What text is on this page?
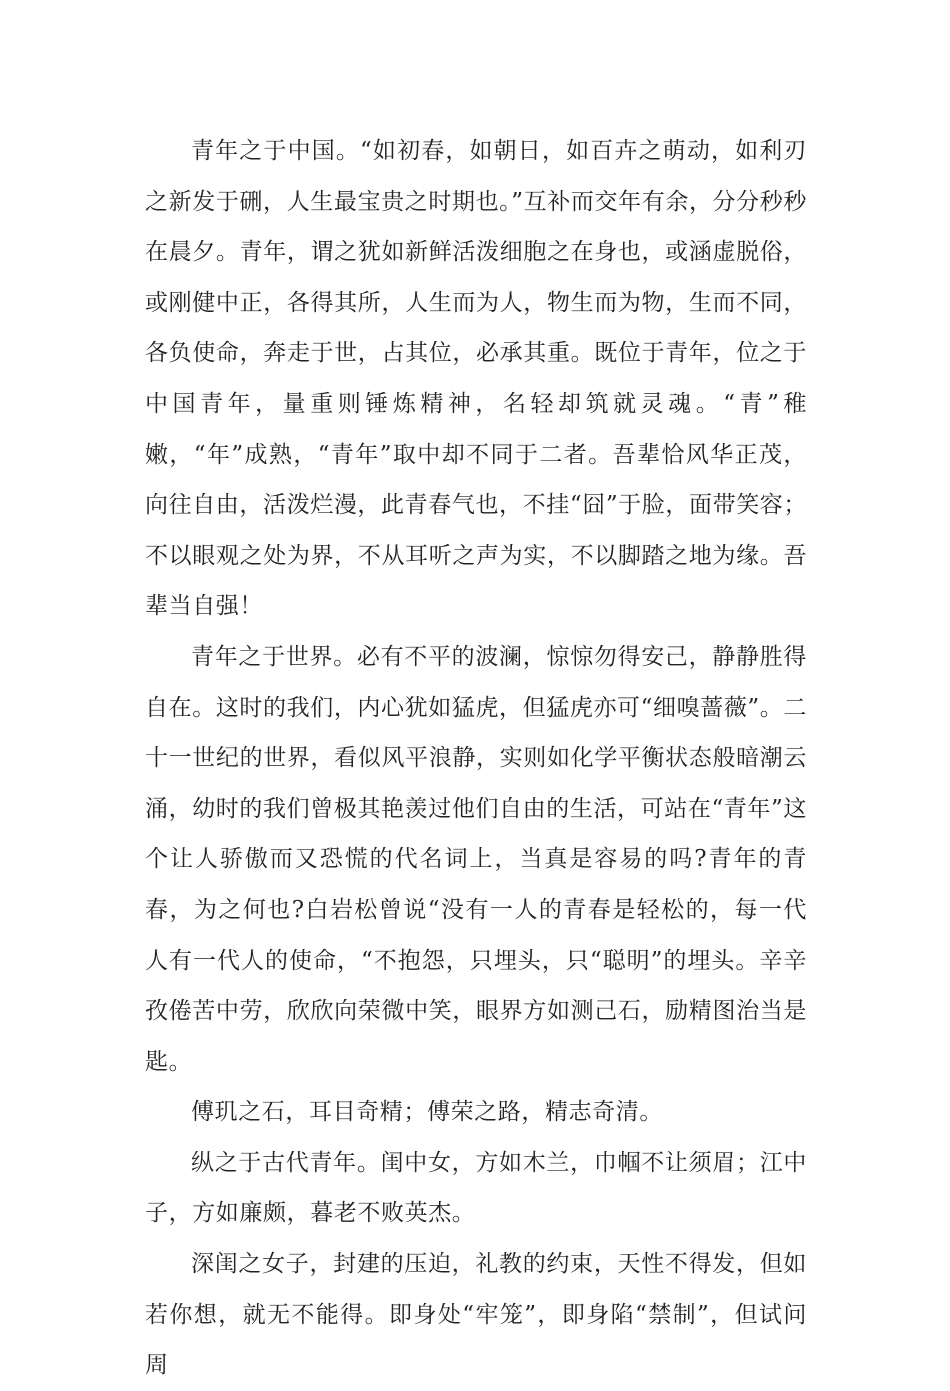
青年之于中国。“如初春，如朝日，如百卉之萌动，如利刃之新发于硎，人生最宝贵之时期也。”互补而交年有余，分分秒秒在晨夕。青年，谓之犹如新鲜活泼细胞之在身也，或涵虚脱俗，或刚健中正，各得其所，人生而为人，物生而为物，生而不同，各负使命，奔走于世，占其位，必承其重。既位于青年，位之于中国青年，量重则锤炼精神，名轻却筑就灵魂。“青”稚嫩，“年”成熟，“青年”取中却不同于二者。吾辈恰风华正茂，向往自由，活泼烂漫，此青春气也，不挂“囧”于脸，面带笑容；不以眼观之处为界，不从耳听之声为实，不以脚踏之地为缘。吾辈当自强！

青年之于世界。必有不平的波澜，惊惊勿得安己，静静胜得自在。这时的我们，内心犹如猛虎，但猛虎亦可“细嗅蔷薇”。二十一世纪的世界，看似风平浪静，实则如化学平衡状态般暗潮云涌，幼时的我们曾极其艳羡过他们自由的生活，可站在“青年”这个让人骄傲而又恐慌的代名词上，当真是容易的吗?青年的青春，为之何也?白岩松曾说“没有一人的青春是轻松的，每一代人有一代人的使命，“不抱怨，只埋头，只“聪明”的埋头。辛辛孜倦苦中劳，欣欣向荣微中笑，眼界方如测己石，励精图治当是匙。

傅玑之石，耳目奇精；傅荣之路，精志奇清。

纵之于古代青年。闺中女，方如木兰，巾帼不让须眉；江中子，方如廉颇，暮老不败英杰。

深闺之女子，封建的压迫，礼教的约束，天性不得发，但如若你想，就无不能得。即身处“牢笼”，即身陷“禁制”，但试问周
